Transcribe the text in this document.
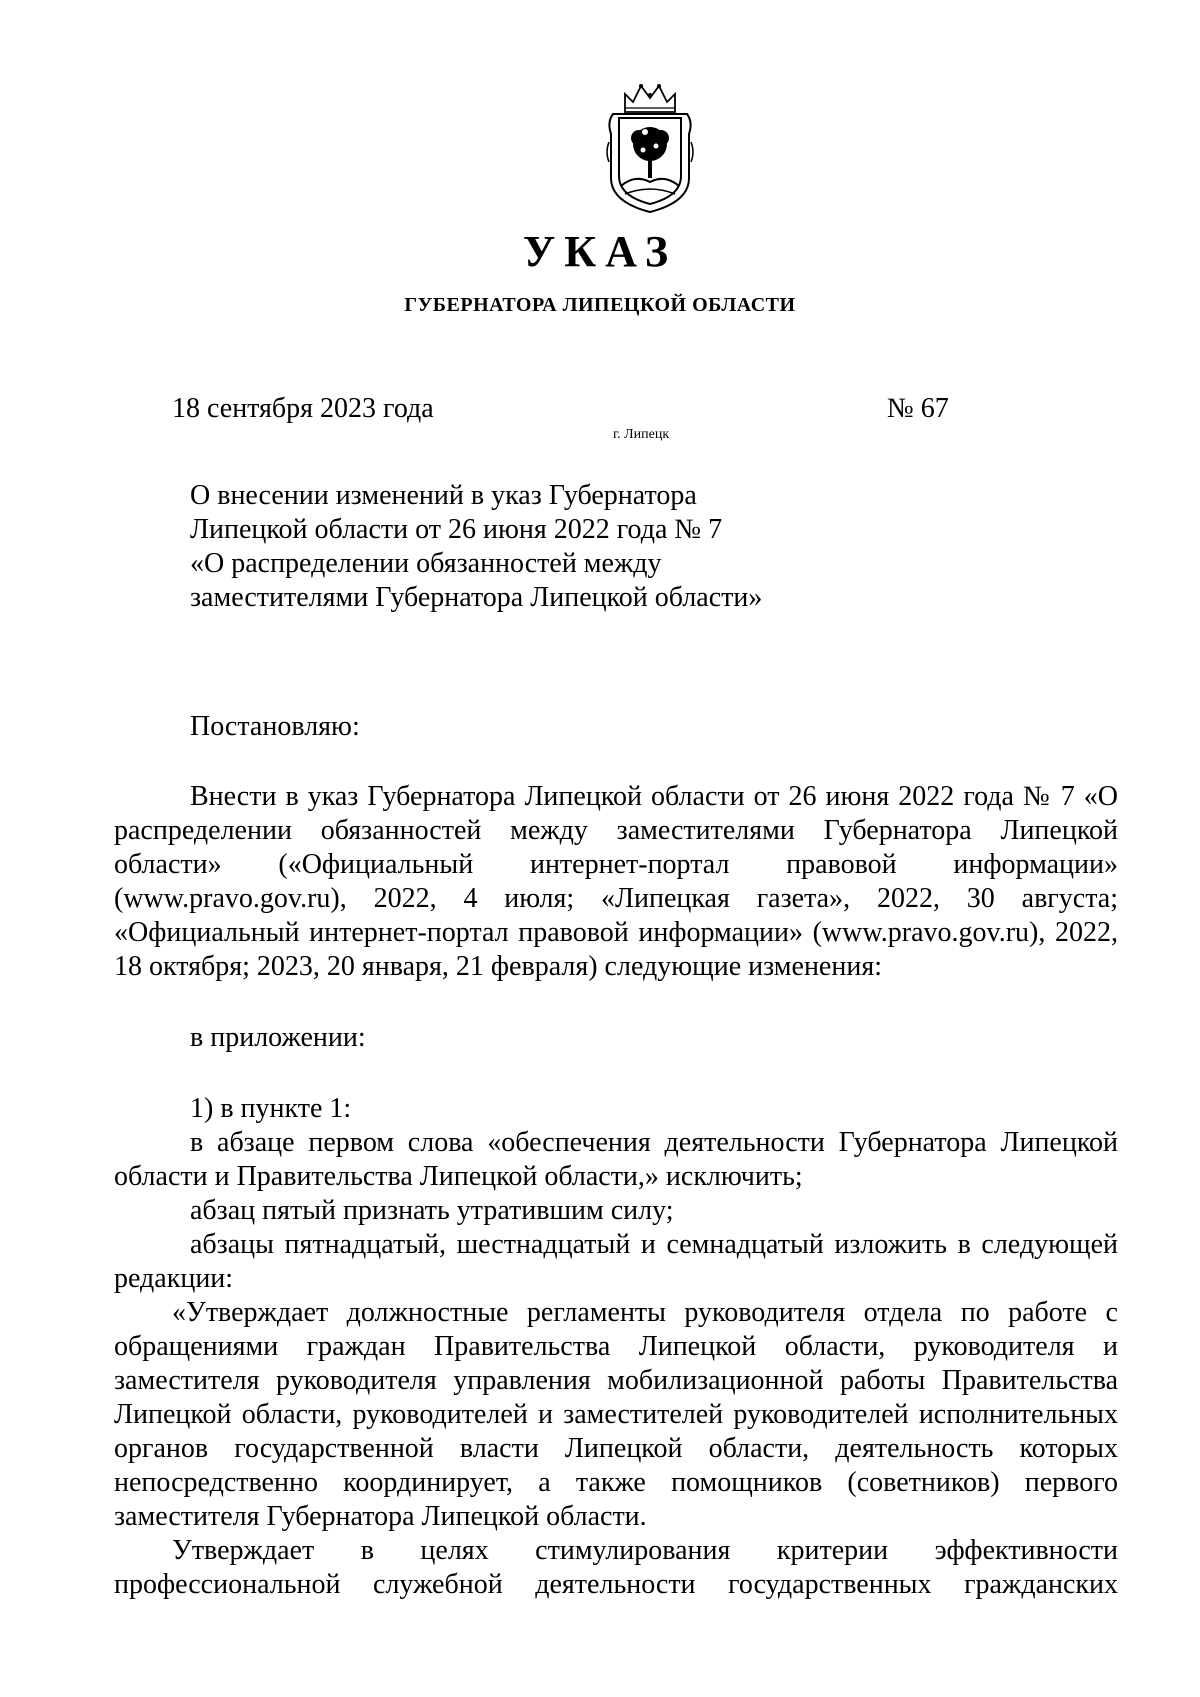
УКАЗ
ГУБЕРНАТОРА ЛИПЕЦКОЙ ОБЛАСТИ
18 сентября 2023 года
г. Липецк
№ 67
О внесении изменений в указ Губернатора
Липецкой области от 26 июня 2022 года № 7
«О распределении обязанностей между
заместителями Губернатора Липецкой области»

Постановляю:

Внести в указ Губернатора Липецкой области от 26 июня 2022 года № 7 «О распределении обязанностей между заместителями Губернатора Липецкой области» («Официальный интернет-портал правовой информации» (www.pravo.gov.ru), 2022, 4 июля; «Липецкая газета», 2022, 30 августа; «Официальный интернет-портал правовой информации» (www.pravo.gov.ru), 2022, 18 октября; 2023, 20 января, 21 февраля) следующие изменения:

в приложении:

1) в пункте 1:

в абзаце первом слова «обеспечения деятельности Губернатора Липецкой области и Правительства Липецкой области,» исключить;

абзац пятый признать утратившим силу;

абзацы пятнадцатый, шестнадцатый и семнадцатый изложить в следующей редакции:

«Утверждает должностные регламенты руководителя отдела по работе с обращениями граждан Правительства Липецкой области, руководителя и заместителя руководителя управления мобилизационной работы Правительства Липецкой области, руководителей и заместителей руководителей исполнительных органов государственной власти Липецкой области, деятельность которых непосредственно координирует, а также помощников (советников) первого заместителя Губернатора Липецкой области.

Утверждает в целях стимулирования критерии эффективности профессиональной служебной деятельности государственных гражданских
